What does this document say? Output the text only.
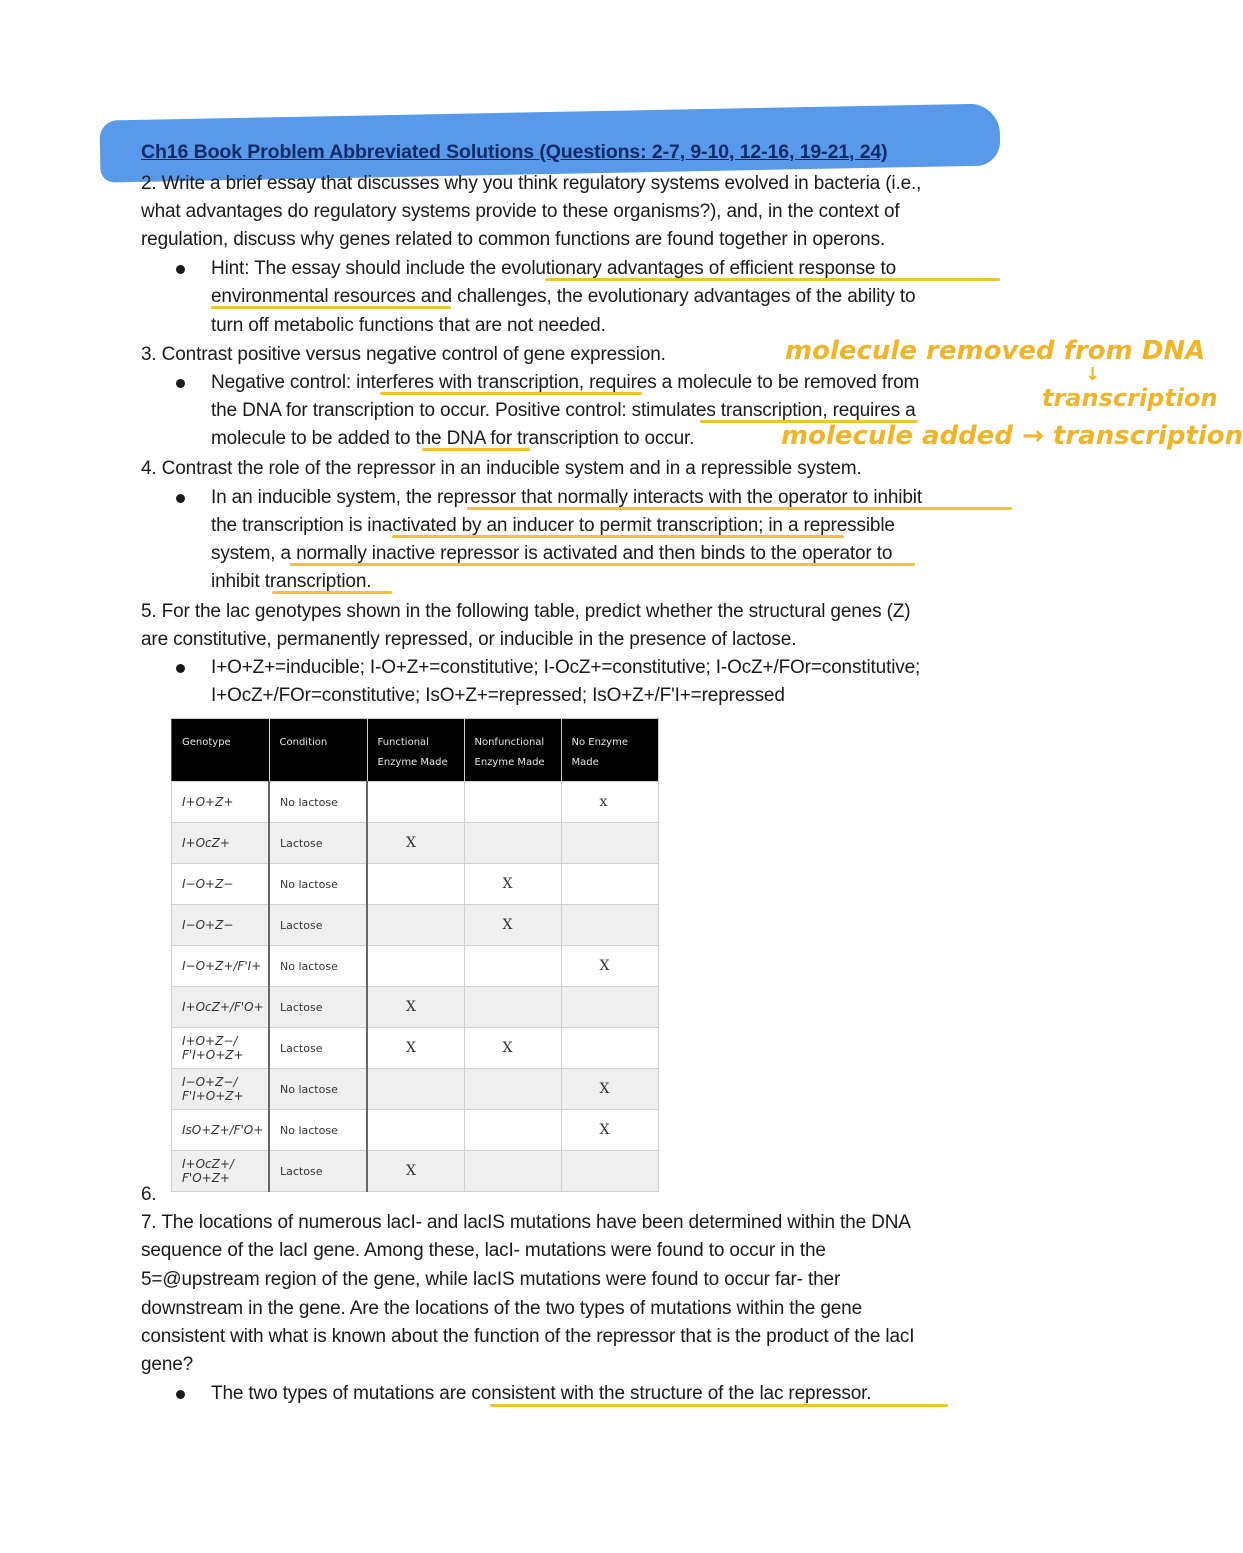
Ch16 Book Problem Abbreviated Solutions (Questions: 2-7, 9-10, 12-16, 19-21, 24)
2. Write a brief essay that discusses why you think regulatory systems evolved in bacteria (i.e.,
what advantages do regulatory systems provide to these organisms?), and, in the context of
regulation, discuss why genes related to common functions are found together in operons.
Hint: The essay should include the evolutionary advantages of efficient response to
environmental resources and challenges, the evolutionary advantages of the ability to
turn off metabolic functions that are not needed.
3. Contrast positive versus negative control of gene expression.
Negative control: interferes with transcription, requires a molecule to be removed from
the DNA for transcription to occur. Positive control: stimulates transcription, requires a
molecule to be added to the DNA for transcription to occur.
molecule removed from DNA
↓
transcription
molecule added → transcription
4. Contrast the role of the repressor in an inducible system and in a repressible system.
In an inducible system, the repressor that normally interacts with the operator to inhibit
the transcription is inactivated by an inducer to permit transcription; in a repressible
system, a normally inactive repressor is activated and then binds to the operator to
inhibit transcription.
5. For the lac genotypes shown in the following table, predict whether the structural genes (Z)
are constitutive, permanently repressed, or inducible in the presence of lactose.
I+O+Z+=inducible; I-O+Z+=constitutive; I-OcZ+=constitutive; I-OcZ+/FOr=constitutive;
I+OcZ+/FOr=constitutive; IsO+Z+=repressed; IsO+Z+/F'I+=repressed
Genotype	Condition	Functional Enzyme Made	Nonfunctional Enzyme Made	No Enzyme Made
I+O+Z+	No lactose			x
I+OcZ+	Lactose	X		
I−O+Z−	No lactose		X	
I−O+Z−	Lactose		X	
I−O+Z+/F'I+	No lactose			X
I+OcZ+/F'O+	Lactose	X		
I+O+Z−/ F'I+O+Z+	Lactose	X	X	
I−O+Z−/ F'I+O+Z+	No lactose			X
IsO+Z+/F'O+	No lactose			X
I+OcZ+/ F'O+Z+	Lactose	X		
6.
7. The locations of numerous lacI- and lacIS mutations have been determined within the DNA
sequence of the lacI gene. Among these, lacI- mutations were found to occur in the
5=@upstream region of the gene, while lacIS mutations were found to occur far- ther
downstream in the gene. Are the locations of the two types of mutations within the gene
consistent with what is known about the function of the repressor that is the product of the lacI
gene?
The two types of mutations are consistent with the structure of the lac repressor.
